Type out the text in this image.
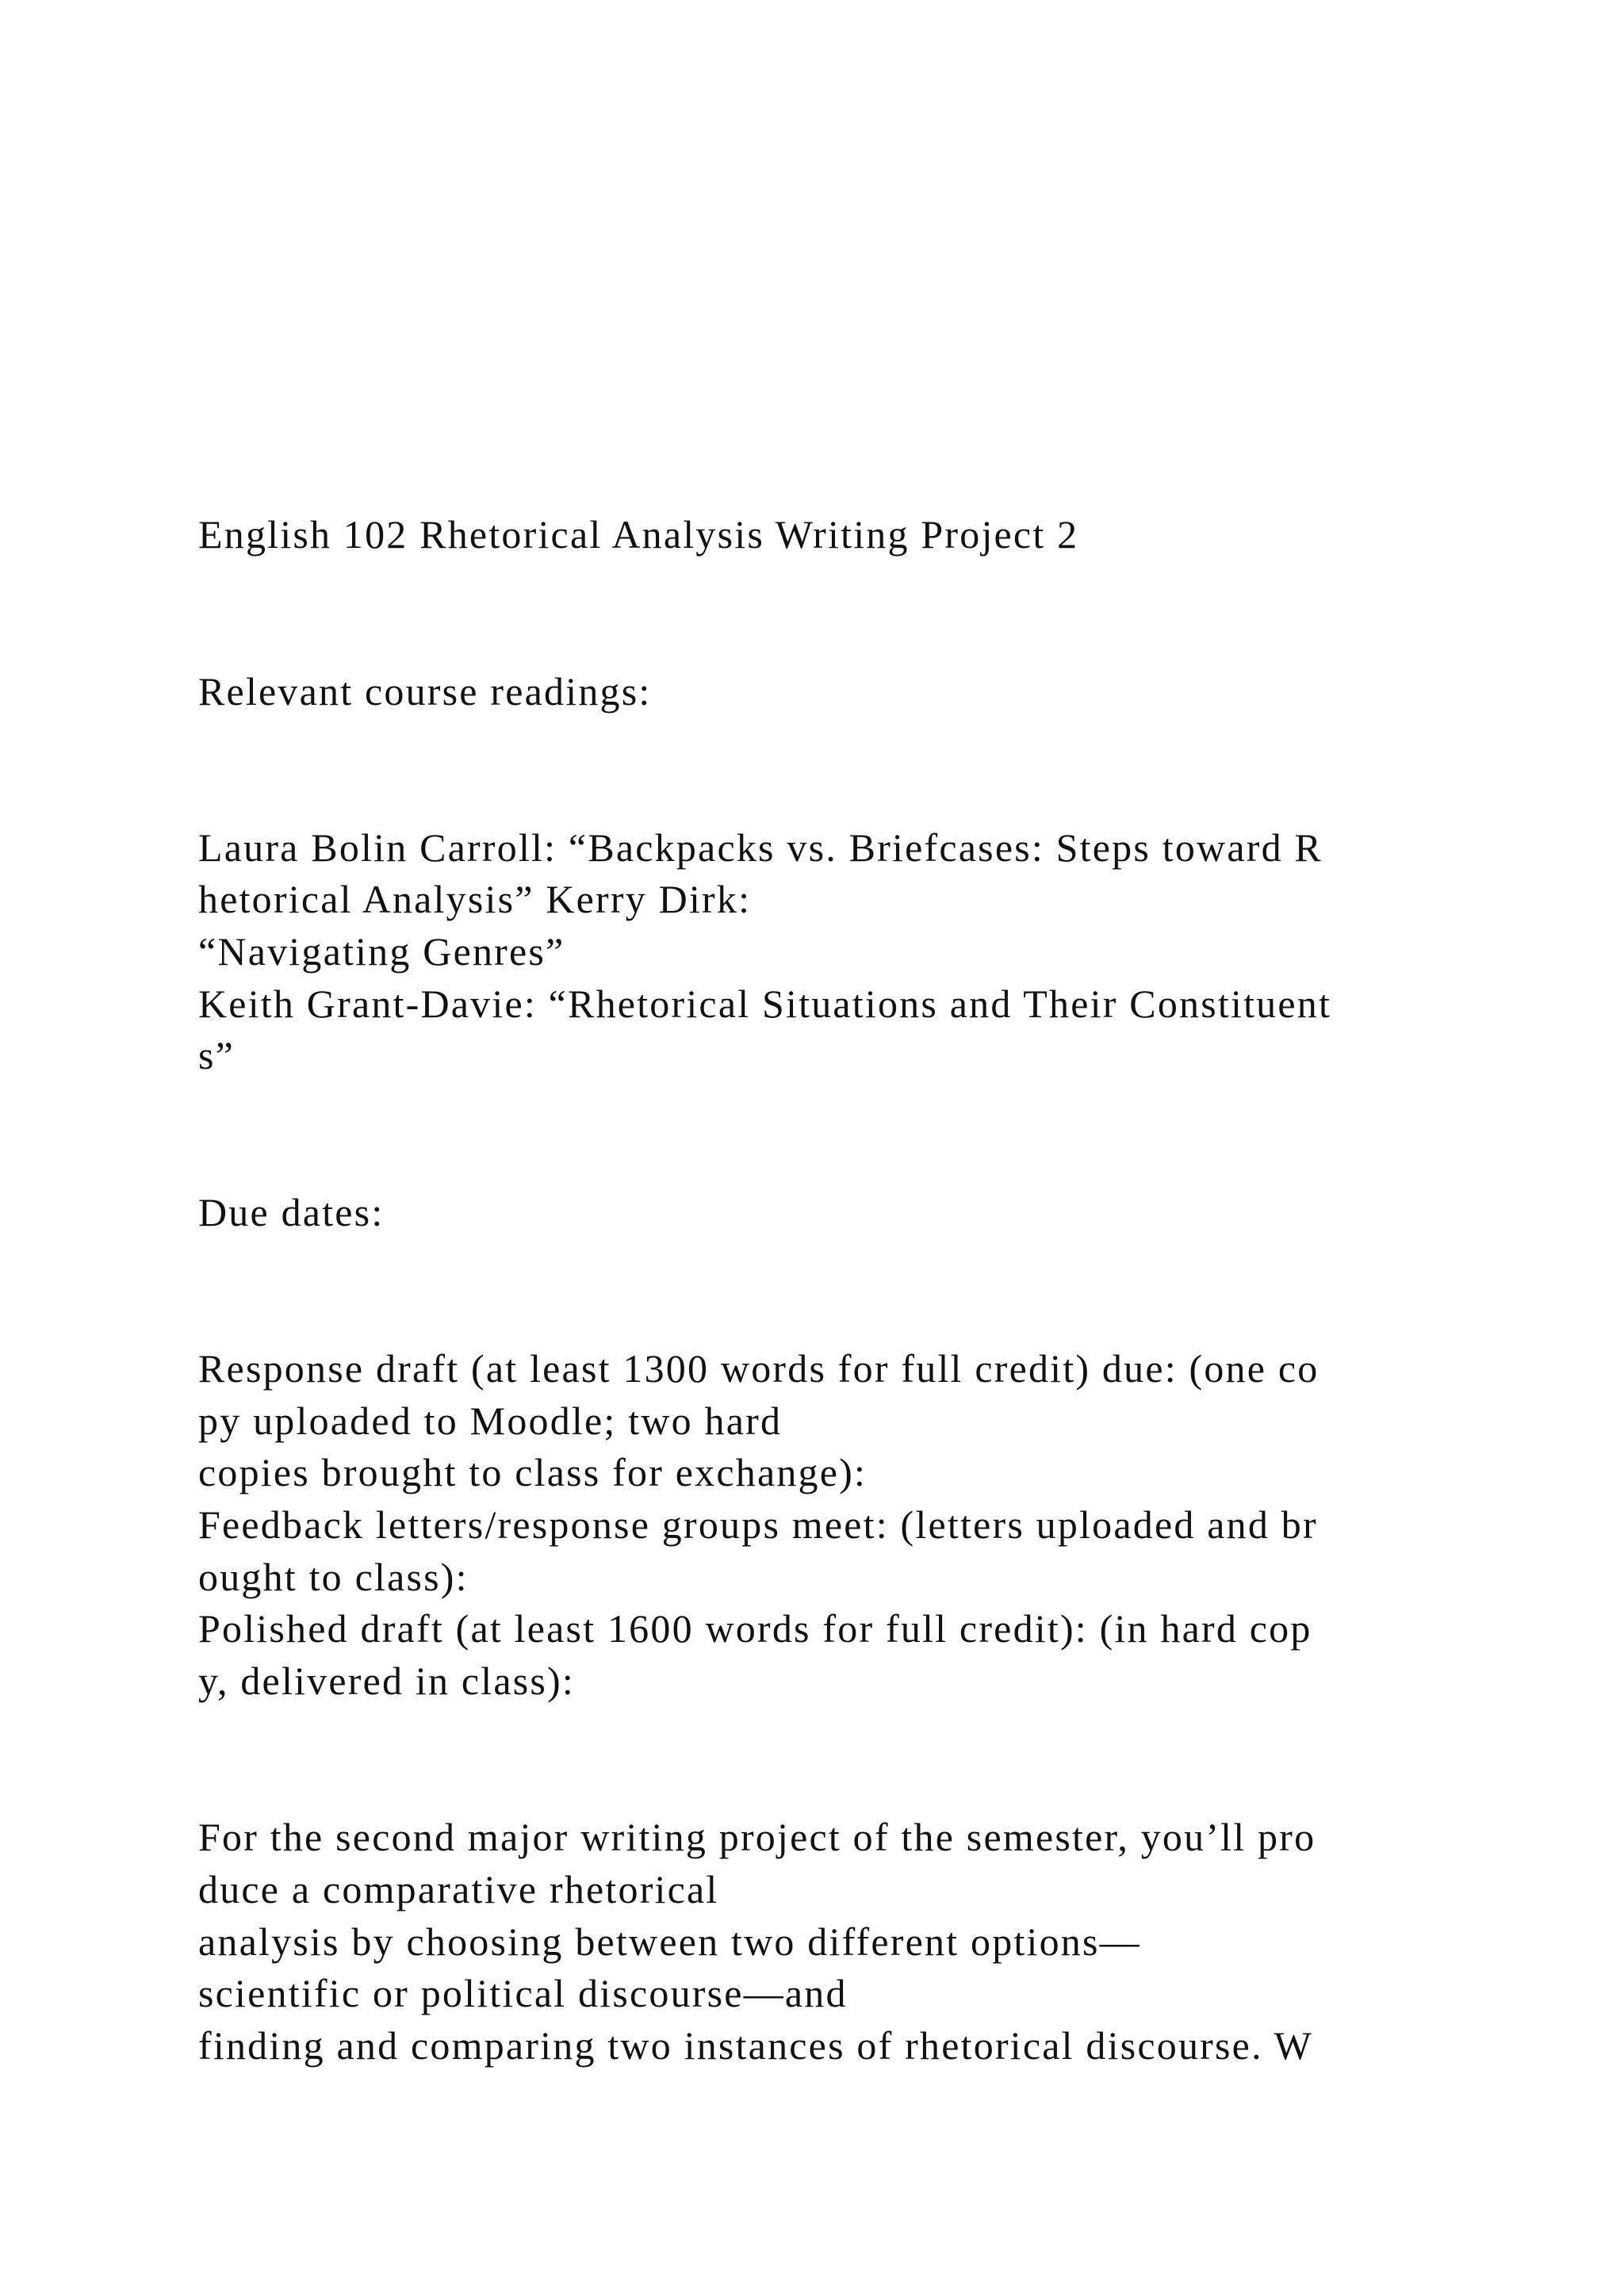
English 102 Rhetorical Analysis Writing Project 2
Relevant course readings:
Laura Bolin Carroll: “Backpacks vs. Briefcases: Steps toward R
hetorical Analysis” Kerry Dirk:
“Navigating Genres”
Keith Grant-Davie: “Rhetorical Situations and Their Constituent
s”
Due dates:
Response draft (at least 1300 words for full credit) due: (one co
py uploaded to Moodle; two hard
copies brought to class for exchange):
Feedback letters/response groups meet: (letters uploaded and br
ought to class):
Polished draft (at least 1600 words for full credit): (in hard cop
y, delivered in class):
For the second major writing project of the semester, you’ll pro
duce a comparative rhetorical
analysis by choosing between two different options—
scientific or political discourse—and
finding and comparing two instances of rhetorical discourse. W
